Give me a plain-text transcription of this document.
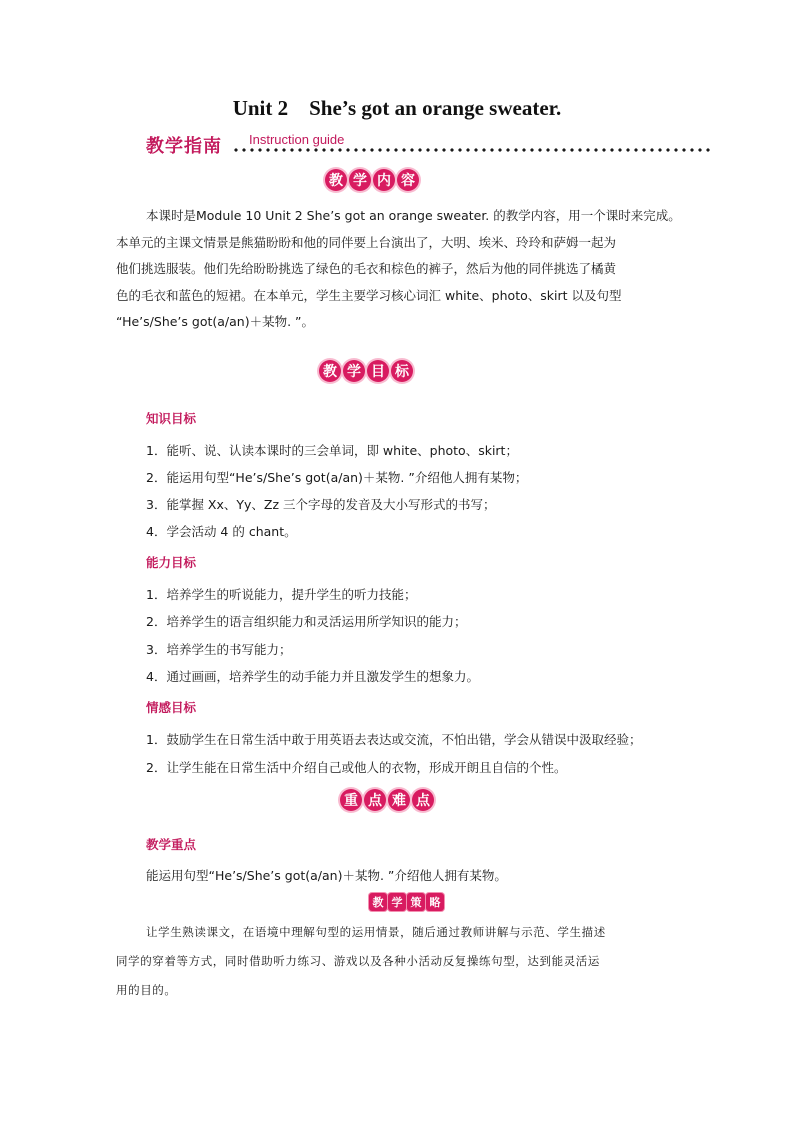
Unit 2    She’s got an orange sweater.
教学指南 Instruction guide
教 学 内 容
本课时是Module 10 Unit 2 She’s got an orange sweater. 的教学内容，用一个课时来完成。
本单元的主课文情景是熊猫盼盼和他的同伴要上台演出了，大明、埃米、玲玲和萨姆一起为
他们挑选服装。他们先给盼盼挑选了绿色的毛衣和棕色的裤子，然后为他的同伴挑选了橘黄
色的毛衣和蓝色的短裙。在本单元，学生主要学习核心词汇 white、photo、skirt 以及句型
“He’s/She’s got(a/an)＋某物. ”。
教 学 目 标
知识目标
1．能听、说、认读本课时的三会单词，即 white、photo、skirt；
2．能运用句型“He’s/She’s got(a/an)＋某物. ”介绍他人拥有某物；
3．能掌握 Xx、Yy、Zz 三个字母的发音及大小写形式的书写；
4．学会活动 4 的 chant。
能力目标
1．培养学生的听说能力，提升学生的听力技能；
2．培养学生的语言组织能力和灵活运用所学知识的能力；
3．培养学生的书写能力；
4．通过画画，培养学生的动手能力并且激发学生的想象力。
情感目标
1．鼓励学生在日常生活中敢于用英语去表达或交流，不怕出错，学会从错误中汲取经验；
2．让学生能在日常生活中介绍自己或他人的衣物，形成开朗且自信的个性。
重 点 难 点
教学重点
能运用句型“He’s/She’s got(a/an)＋某物. ”介绍他人拥有某物。
教 学 策 略
让学生熟读课文，在语境中理解句型的运用情景，随后通过教师讲解与示范、学生描述
同学的穿着等方式，同时借助听力练习、游戏以及各种小活动反复操练句型，达到能灵活运
用的目的。
